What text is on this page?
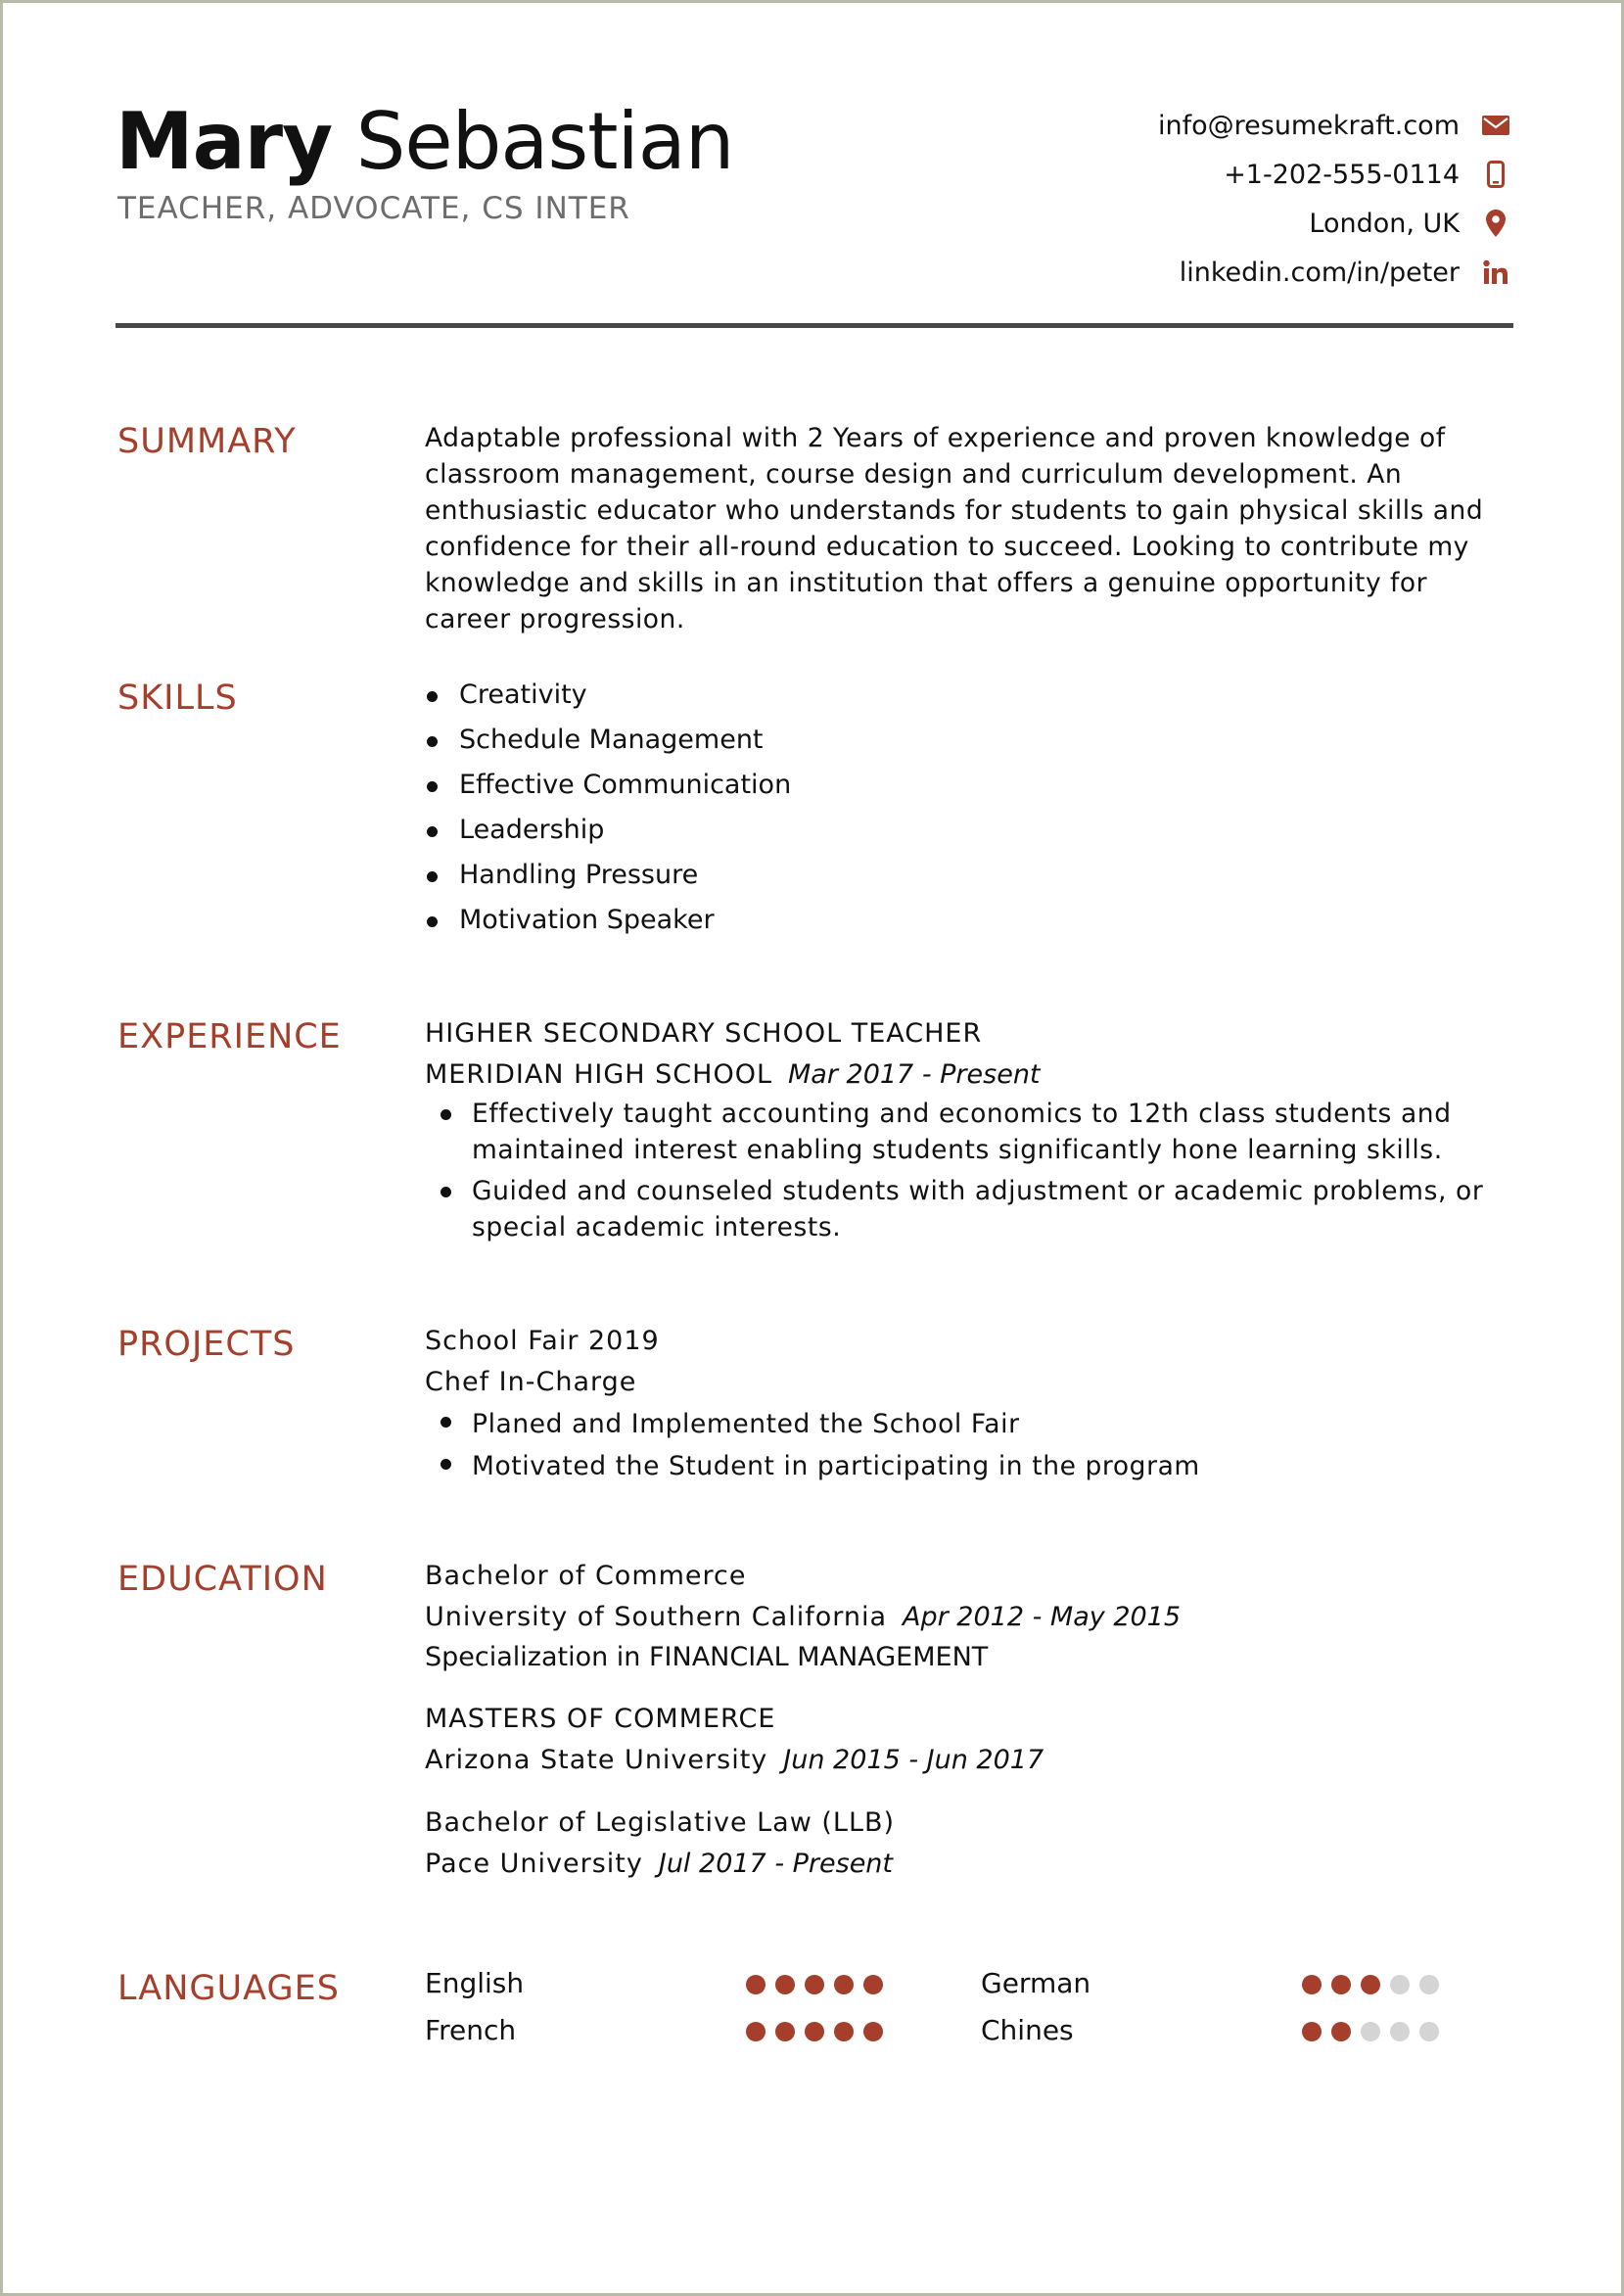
Mary Sebastian
TEACHER, ADVOCATE, CS INTER
info@resumekraft.com
+1-202-555-0114
London, UK
linkedin.com/in/peter
SUMMARY	Adaptable professional with 2 Years of experience and proven knowledge of classroom management, course design and curriculum development. An enthusiastic educator who understands for students to gain physical skills and confidence for their all-round education to succeed. Looking to contribute my knowledge and skills in an institution that offers a genuine opportunity for career progression.

SKILLS	Creativity
Schedule Management
Effective Communication
Leadership
Handling Pressure
Motivation Speaker
EXPERIENCE	HIGHER SECONDARY SCHOOL TEACHER
MERIDIAN HIGH SCHOOL Mar 2017 - Present
Effectively taught accounting and economics to 12th class students and maintained interest enabling students significantly hone learning skills.
Guided and counseled students with adjustment or academic problems, or special academic interests.
PROJECTS	School Fair 2019
Chef In-Charge
Planed and Implemented the School Fair
Motivated the Student in participating in the program
EDUCATION	Bachelor of Commerce
University of Southern California Apr 2012 - May 2015
Specialization in FINANCIAL MANAGEMENT
MASTERS OF COMMERCE
Arizona State University Jun 2015 - Jun 2017
Bachelor of Legislative Law (LLB)
Pace University Jul 2017 - Present
LANGUAGES	English	German
French	Chines
